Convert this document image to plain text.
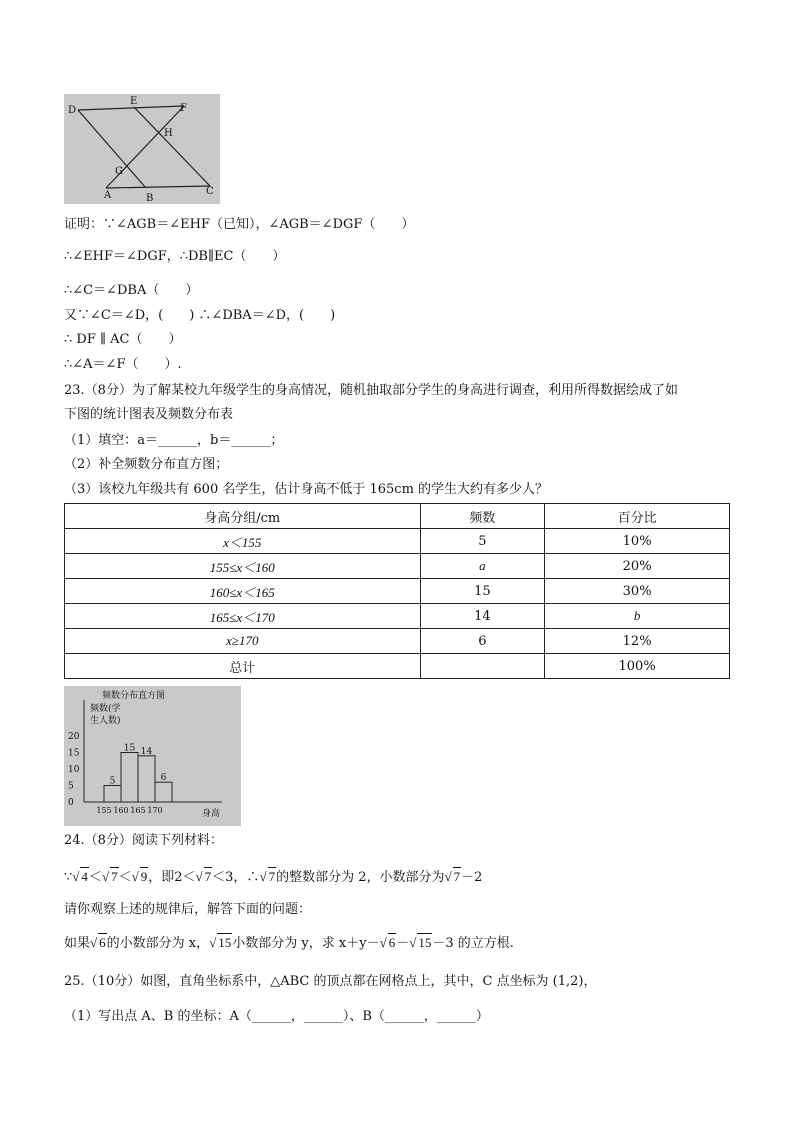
D
E
F
H
G
A	B
C
证明：∵∠AGB＝∠EHF（已知），∠AGB＝∠DGF（　　）
∴∠EHF＝∠DGF，∴DB∥EC（　　）
∴∠C＝∠DBA（　　）
又∵∠C＝∠D，(　　) ∴∠DBA＝∠D，(　　)
∴ DF ∥ AC（　　）
∴∠A＝∠F（　　）.
23.（8分）为了解某校九年级学生的身高情况，随机抽取部分学生的身高进行调查，利用所得数据绘成了如
下图的统计图表及频数分布表
（1）填空：a＝______，b＝______；
（2）补全频数分布直方图；
（3）该校九年级共有 600 名学生，估计身高不低于 165cm 的学生大约有多少人？
身高分组/cm	频数	百分比
x＜155	5	10%
155≤x＜160	a	20%
160≤x＜165	15	30%
165≤x＜170	14	b
x≥170	6	12%
总计		100%
频数分布直方图
频数(学
生人数)
身高
20
15
10
5
0
155 160 165 170
5
15 14
6
24.（8分）阅读下列材料：
∵ √ 4＜ √ 7＜ √ 9，即2＜ √ 7＜3，∴ √ 7的整数部分为 2，小数部分为 √ 7－2
请你观察上述的规律后，解答下面的问题：
如果 √ 6的小数部分为 x， √ 15小数部分为 y，求 x＋y－ √ 6－ √ 15－3 的立方根.
25.（10分）如图，直角坐标系中，△ABC 的顶点都在网格点上，其中，C 点坐标为 (1,2)，
（1）写出点 A、B 的坐标：A（______，______）、B（______，______）
